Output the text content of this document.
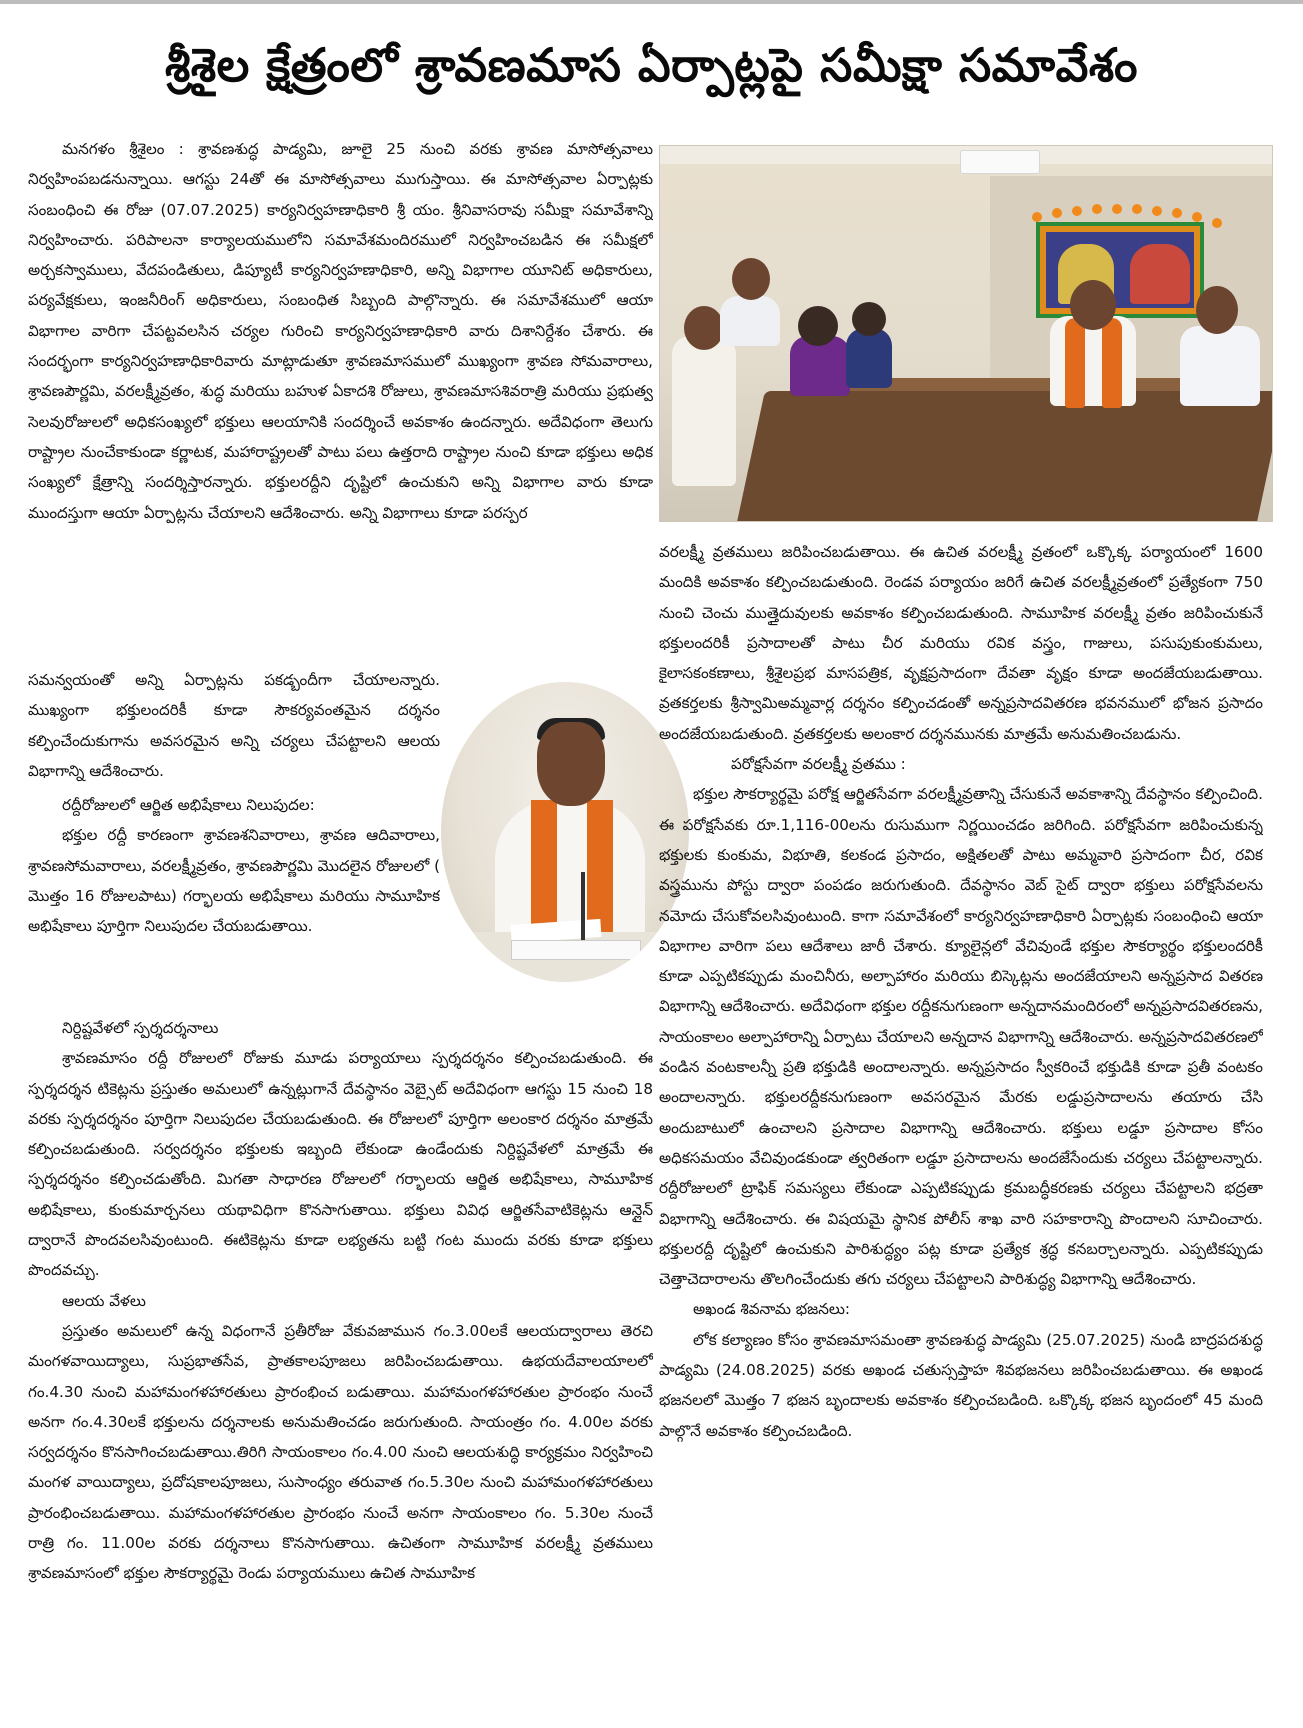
శ్రీశైల క్షేత్రంలో శ్రావణమాస ఏర్పాట్లపై సమీక్షా సమావేశం

మనగళం శ్రీశైలం : శ్రావణశుద్ధ పాడ్యమి, జూలై 25 నుంచి వరకు శ్రావణ మాసోత్సవాలు నిర్వహింపబడనున్నాయి. ఆగస్టు 24తో ఈ మాసోత్సవాలు ముగుస్తాయి. ఈ మాసోత్సవాల ఏర్పాట్లకు సంబంధించి ఈ రోజు (07.07.2025) కార్యనిర్వహణాధికారి శ్రీ యం. శ్రీనివాసరావు సమీక్షా సమావేశాన్ని నిర్వహించారు. పరిపాలనా కార్యాలయములోని సమావేశమందిరములో నిర్వహించబడిన ఈ సమీక్షలో అర్చకస్వాములు, వేదపండితులు, డిప్యూటీ కార్యనిర్వహణాధికారి, అన్ని విభాగాల యూనిట్ అధికారులు, పర్యవేక్షకులు, ఇంజనీరింగ్ అధికారులు, సంబంధిత సిబ్బంది పాల్గొన్నారు. ఈ సమావేశములో ఆయా విభాగాల వారిగా చేపట్టవలసిన చర్యల గురించి కార్యనిర్వహణాధికారి వారు దిశానిర్దేశం చేశారు. ఈ సందర్భంగా కార్యనిర్వహణాధికారివారు మాట్లాడుతూ శ్రావణమాసములో ముఖ్యంగా శ్రావణ సోమవారాలు, శ్రావణపౌర్ణమి, వరలక్ష్మీవ్రతం, శుద్ధ మరియు బహుళ ఏకాదశి రోజులు, శ్రావణమాసశివరాత్రి మరియు ప్రభుత్వ సెలవురోజులలో అధికసంఖ్యలో భక్తులు ఆలయానికి సందర్శించే అవకాశం ఉందన్నారు. అదేవిధంగా తెలుగు రాష్ట్రాల నుంచేకాకుండా కర్ణాటక, మహారాష్ట్రలతో పాటు పలు ఉత్తరాది రాష్ట్రాల నుంచి కూడా భక్తులు అధిక సంఖ్యలో క్షేత్రాన్ని సందర్శిస్తారన్నారు. భక్తులరద్దీని దృష్టిలో ఉంచుకుని అన్ని విభాగాల వారు కూడా ముందస్తుగా ఆయా ఏర్పాట్లను చేయాలని ఆదేశించారు. అన్ని విభాగాలు కూడా పరస్పర

సమన్వయంతో అన్ని ఏర్పాట్లను పకడ్బందీగా చేయాలన్నారు. ముఖ్యంగా భక్తులందరికీ కూడా సౌకర్యవంతమైన దర్శనం కల్పించేందుకుగాను అవసరమైన అన్ని చర్యలు చేపట్టాలని ఆలయ విభాగాన్ని ఆదేశించారు.

రద్దీరోజులలో ఆర్జిత అభిషేకాలు నిలుపుదల:

భక్తుల రద్దీ కారణంగా శ్రావణశనివారాలు, శ్రావణ ఆదివారాలు, శ్రావణసోమవారాలు, వరలక్ష్మీవ్రతం, శ్రావణపౌర్ణమి మొదలైన రోజులలో ( మొత్తం 16 రోజులపాటు) గర్భాలయ అభిషేకాలు మరియు సామూహిక అభిషేకాలు పూర్తిగా నిలుపుదల చేయబడుతాయి.

నిర్దిష్టవేళలో స్పర్శదర్శనాలు

శ్రావణమాసం రద్దీ రోజులలో రోజుకు మూడు పర్యాయాలు స్పర్శదర్శనం కల్పించబడుతుంది. ఈ స్పర్శదర్శన టికెట్లను ప్రస్తుతం అమలులో ఉన్నట్లుగానే దేవస్థానం వెబ్సైట్ అదేవిధంగా ఆగస్టు 15 నుంచి 18 వరకు స్పర్శదర్శనం పూర్తిగా నిలుపుదల చేయబడుతుంది. ఈ రోజులలో పూర్తిగా అలంకార దర్శనం మాత్రమే కల్పించబడుతుంది. సర్వదర్శనం భక్తులకు ఇబ్బంది లేకుండా ఉండేందుకు నిర్దిష్టవేళలో మాత్రమే ఈ స్పర్శదర్శనం కల్పించడుతోంది. మిగతా సాధారణ రోజులలో గర్భాలయ ఆర్జిత అభిషేకాలు, సామూహిక అభిషేకాలు, కుంకుమార్చనలు యథావిధిగా కొనసాగుతాయి. భక్తులు వివిధ ఆర్జితసేవాటికెట్లను ఆన్లైన్ ద్వారానే పొందవలసివుంటుంది. ఈటికెట్లను కూడా లభ్యతను బట్టి గంట ముందు వరకు కూడా భక్తులు పొందవచ్చు.

ఆలయ వేళలు

ప్రస్తుతం అమలులో ఉన్న విధంగానే ప్రతీరోజు వేకువజామున గం.3.00లకే ఆలయద్వారాలు తెరచి మంగళవాయిద్యాలు, సుప్రభాతసేవ, ప్రాతకాలపూజలు జరిపించబడుతాయి. ఉభయదేవాలయాలలో గం.4.30 నుంచి మహామంగళహారతులు ప్రారంభించ బడుతాయి. మహామంగళహారతుల ప్రారంభం నుంచే అనగా గం.4.30లకే భక్తులను దర్శనాలకు అనుమతించడం జరుగుతుంది. సాయంత్రం గం. 4.00ల వరకు సర్వదర్శనం కొనసాగించబడుతాయి.తిరిగి సాయంకాలం గం.4.00 నుంచి ఆలయశుద్ధి కార్యక్రమం నిర్వహించి మంగళ వాయిద్యాలు, ప్రదోషకాలపూజలు, సుసాంధ్యం తరువాత గం.5.30ల నుంచి మహామంగళహారతులు ప్రారంభించబడుతాయి. మహామంగళహారతుల ప్రారంభం నుంచే అనగా సాయంకాలం గం. 5.30ల నుంచే రాత్రి గం. 11.00ల వరకు దర్శనాలు కొనసాగుతాయి. ఉచితంగా సామూహిక వరలక్ష్మీ వ్రతములు శ్రావణమాసంలో భక్తుల సౌకర్యార్థమై రెండు పర్యాయములు ఉచిత సామూహిక

వరలక్ష్మీ వ్రతములు జరిపించబడుతాయి. ఈ ఉచిత వరలక్ష్మీ వ్రతంలో ఒక్కొక్క పర్యాయంలో 1600 మందికి అవకాశం కల్పించబడుతుంది. రెండవ పర్యాయం జరిగే ఉచిత వరలక్ష్మీవ్రతంలో ప్రత్యేకంగా 750 నుంచి చెంచు ముత్తైదువులకు అవకాశం కల్పించబడుతుంది. సామూహిక వరలక్ష్మీ వ్రతం జరిపించుకునే భక్తులందరికీ ప్రసాదాలతో పాటు చీర మరియు రవిక వస్త్రం, గాజులు, పసుపుకుంకుమలు, కైలాసకంకణాలు, శ్రీశైలప్రభ మాసపత్రిక, వృక్షప్రసాదంగా దేవతా వృక్షం కూడా అందజేయబడుతాయి. వ్రతకర్తలకు శ్రీస్వామిఅమ్మవార్ల దర్శనం కల్పించడంతో అన్నప్రసాదవితరణ భవనములో భోజన ప్రసాదం అందజేయబడుతుంది. వ్రతకర్తలకు అలంకార దర్శనమునకు మాత్రమే అనుమతించబడును.

పరోక్షసేవగా వరలక్ష్మీ వ్రతము :

భక్తుల సౌకర్యార్థమై పరోక్ష ఆర్జితసేవగా వరలక్ష్మీవ్రతాన్ని చేసుకునే అవకాశాన్ని దేవస్థానం కల్పించింది. ఈ పరోక్షసేవకు రూ.1,116-00లను రుసుముగా నిర్ణయించడం జరిగింది. పరోక్షసేవగా జరిపించుకున్న భక్తులకు కుంకుమ, విభూతి, కలకండ ప్రసాదం, అక్షితలతో పాటు అమ్మవారి ప్రసాదంగా చీర, రవిక వస్త్రమును పోస్టు ద్వారా పంపడం జరుగుతుంది. దేవస్థానం వెబ్ సైట్ ద్వారా భక్తులు పరోక్షసేవలను నమోదు చేసుకోవలసివుంటుంది. కాగా సమావేశంలో కార్యనిర్వహణాధికారి ఏర్పాట్లకు సంబంధించి ఆయా విభాగాల వారిగా పలు ఆదేశాలు జారీ చేశారు. క్యూలైన్లలో వేచివుండే భక్తుల సౌకర్యార్థం భక్తులందరికీ కూడా ఎప్పటికప్పుడు మంచినీరు, అల్పాహారం మరియు బిస్కెట్లను అందజేయాలని అన్నప్రసాద వితరణ విభాగాన్ని ఆదేశించారు. అదేవిధంగా భక్తుల రద్దీకనుగుణంగా అన్నదానమందిరంలో అన్నప్రసాదవితరణను, సాయంకాలం అల్పాహారాన్ని ఏర్పాటు చేయాలని అన్నదాన విభాగాన్ని ఆదేశించారు. అన్నప్రసాదవితరణలో వండిన వంటకాలన్నీ ప్రతి భక్తుడికి అందాలన్నారు. అన్నప్రసాదం స్వీకరించే భక్తుడికి కూడా ప్రతీ వంటకం అందాలన్నారు. భక్తులరద్దీకనుగుణంగా అవసరమైన మేరకు లడ్డుప్రసాదాలను తయారు చేసి అందుబాటులో ఉంచాలని ప్రసాదాల విభాగాన్ని ఆదేశించారు. భక్తులు లడ్డూ ప్రసాదాల కోసం అధికసమయం వేచివుండకుండా త్వరితంగా లడ్డూ ప్రసాదాలను అందజేసేందుకు చర్యలు చేపట్టాలన్నారు. రద్దీరోజులలో ట్రాఫిక్ సమస్యలు లేకుండా ఎప్పటికప్పుడు క్రమబద్ధీకరణకు చర్యలు చేపట్టాలని భద్రతా విభాగాన్ని ఆదేశించారు. ఈ విషయమై స్థానిక పోలీస్ శాఖ వారి సహకారాన్ని పొందాలని సూచించారు. భక్తులరద్దీ దృష్టిలో ఉంచుకుని పారిశుద్ధ్యం పట్ల కూడా ప్రత్యేక శ్రద్ధ కనబర్చాలన్నారు. ఎప్పటికప్పుడు చెత్తాచెదారాలను తొలగించేందుకు తగు చర్యలు చేపట్టాలని పారిశుద్ధ్య విభాగాన్ని ఆదేశించారు.

అఖండ శివనామ భజనలు:

లోక కల్యాణం కోసం శ్రావణమాసమంతా శ్రావణశుద్ధ పాడ్యమి (25.07.2025) నుండి బాద్రపదశుద్ధ పాడ్యమి (24.08.2025) వరకు అఖండ చతుస్సప్తాహ శివభజనలు జరిపించబడుతాయి. ఈ అఖండ భజనలలో మొత్తం 7 భజన బృందాలకు అవకాశం కల్పించబడింది. ఒక్కొక్క భజన బృందంలో 45 మంది పాల్గొనే అవకాశం కల్పించబడింది.
